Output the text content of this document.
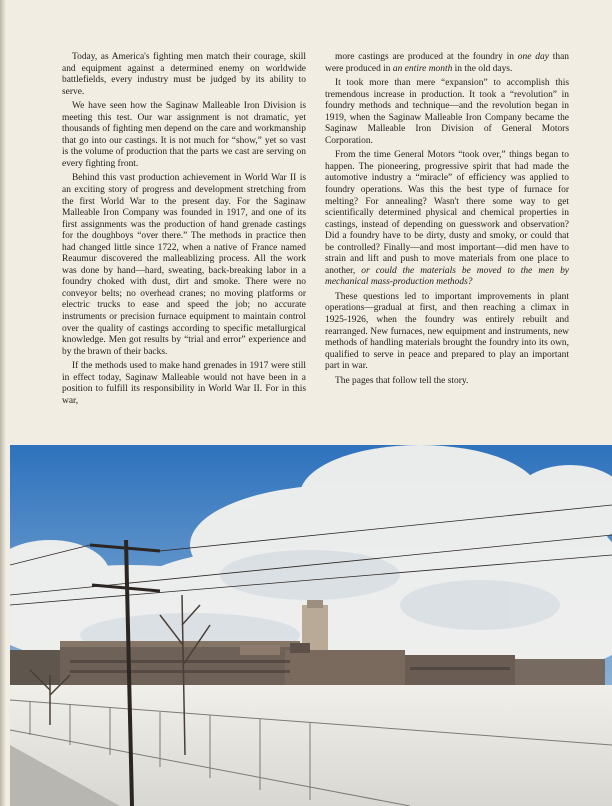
Today, as America's fighting men match their courage, skill and equipment against a determined enemy on worldwide battlefields, every industry must be judged by its ability to serve.

We have seen how the Saginaw Malleable Iron Division is meeting this test. Our war assignment is not dramatic, yet thousands of fighting men depend on the care and workmanship that go into our castings. It is not much for “show,” yet so vast is the volume of production that the parts we cast are serving on every fighting front.

Behind this vast production achievement in World War II is an exciting story of progress and development stretching from the first World War to the present day. For the Saginaw Malleable Iron Company was founded in 1917, and one of its first assignments was the production of hand grenade castings for the doughboys “over there.” The methods in practice then had changed little since 1722, when a native of France named Reaumur discovered the malleablizing process. All the work was done by hand—hard, sweating, back-breaking labor in a foundry choked with dust, dirt and smoke. There were no conveyor belts; no overhead cranes; no moving platforms or electric trucks to ease and speed the job; no accurate instruments or precision furnace equipment to maintain control over the quality of castings according to specific metallurgical knowledge. Men got results by “trial and error” experience and by the brawn of their backs.

If the methods used to make hand grenades in 1917 were still in effect today, Saginaw Malleable would not have been in a position to fulfill its responsibility in World War II. For in this war,

more castings are produced at the foundry in one day than were produced in an entire month in the old days.

It took more than mere “expansion” to accomplish this tremendous increase in production. It took a “revolution” in foundry methods and technique—and the revolution began in 1919, when the Saginaw Malleable Iron Company became the Saginaw Malleable Iron Division of General Motors Corporation.

From the time General Motors “took over,” things began to happen. The pioneering, progressive spirit that had made the automotive industry a “miracle” of efficiency was applied to foundry operations. Was this the best type of furnace for melting? For annealing? Wasn't there some way to get scientifically determined physical and chemical properties in castings, instead of depending on guesswork and observation? Did a foundry have to be dirty, dusty and smoky, or could that be controlled? Finally—and most important—did men have to strain and lift and push to move materials from one place to another, or could the materials be moved to the men by mechanical mass-production methods?

These questions led to important improvements in plant operations—gradual at first, and then reaching a climax in 1925-1926, when the foundry was entirely rebuilt and rearranged. New furnaces, new equipment and instruments, new methods of handling materials brought the foundry into its own, qualified to serve in peace and prepared to play an important part in war.

The pages that follow tell the story.
